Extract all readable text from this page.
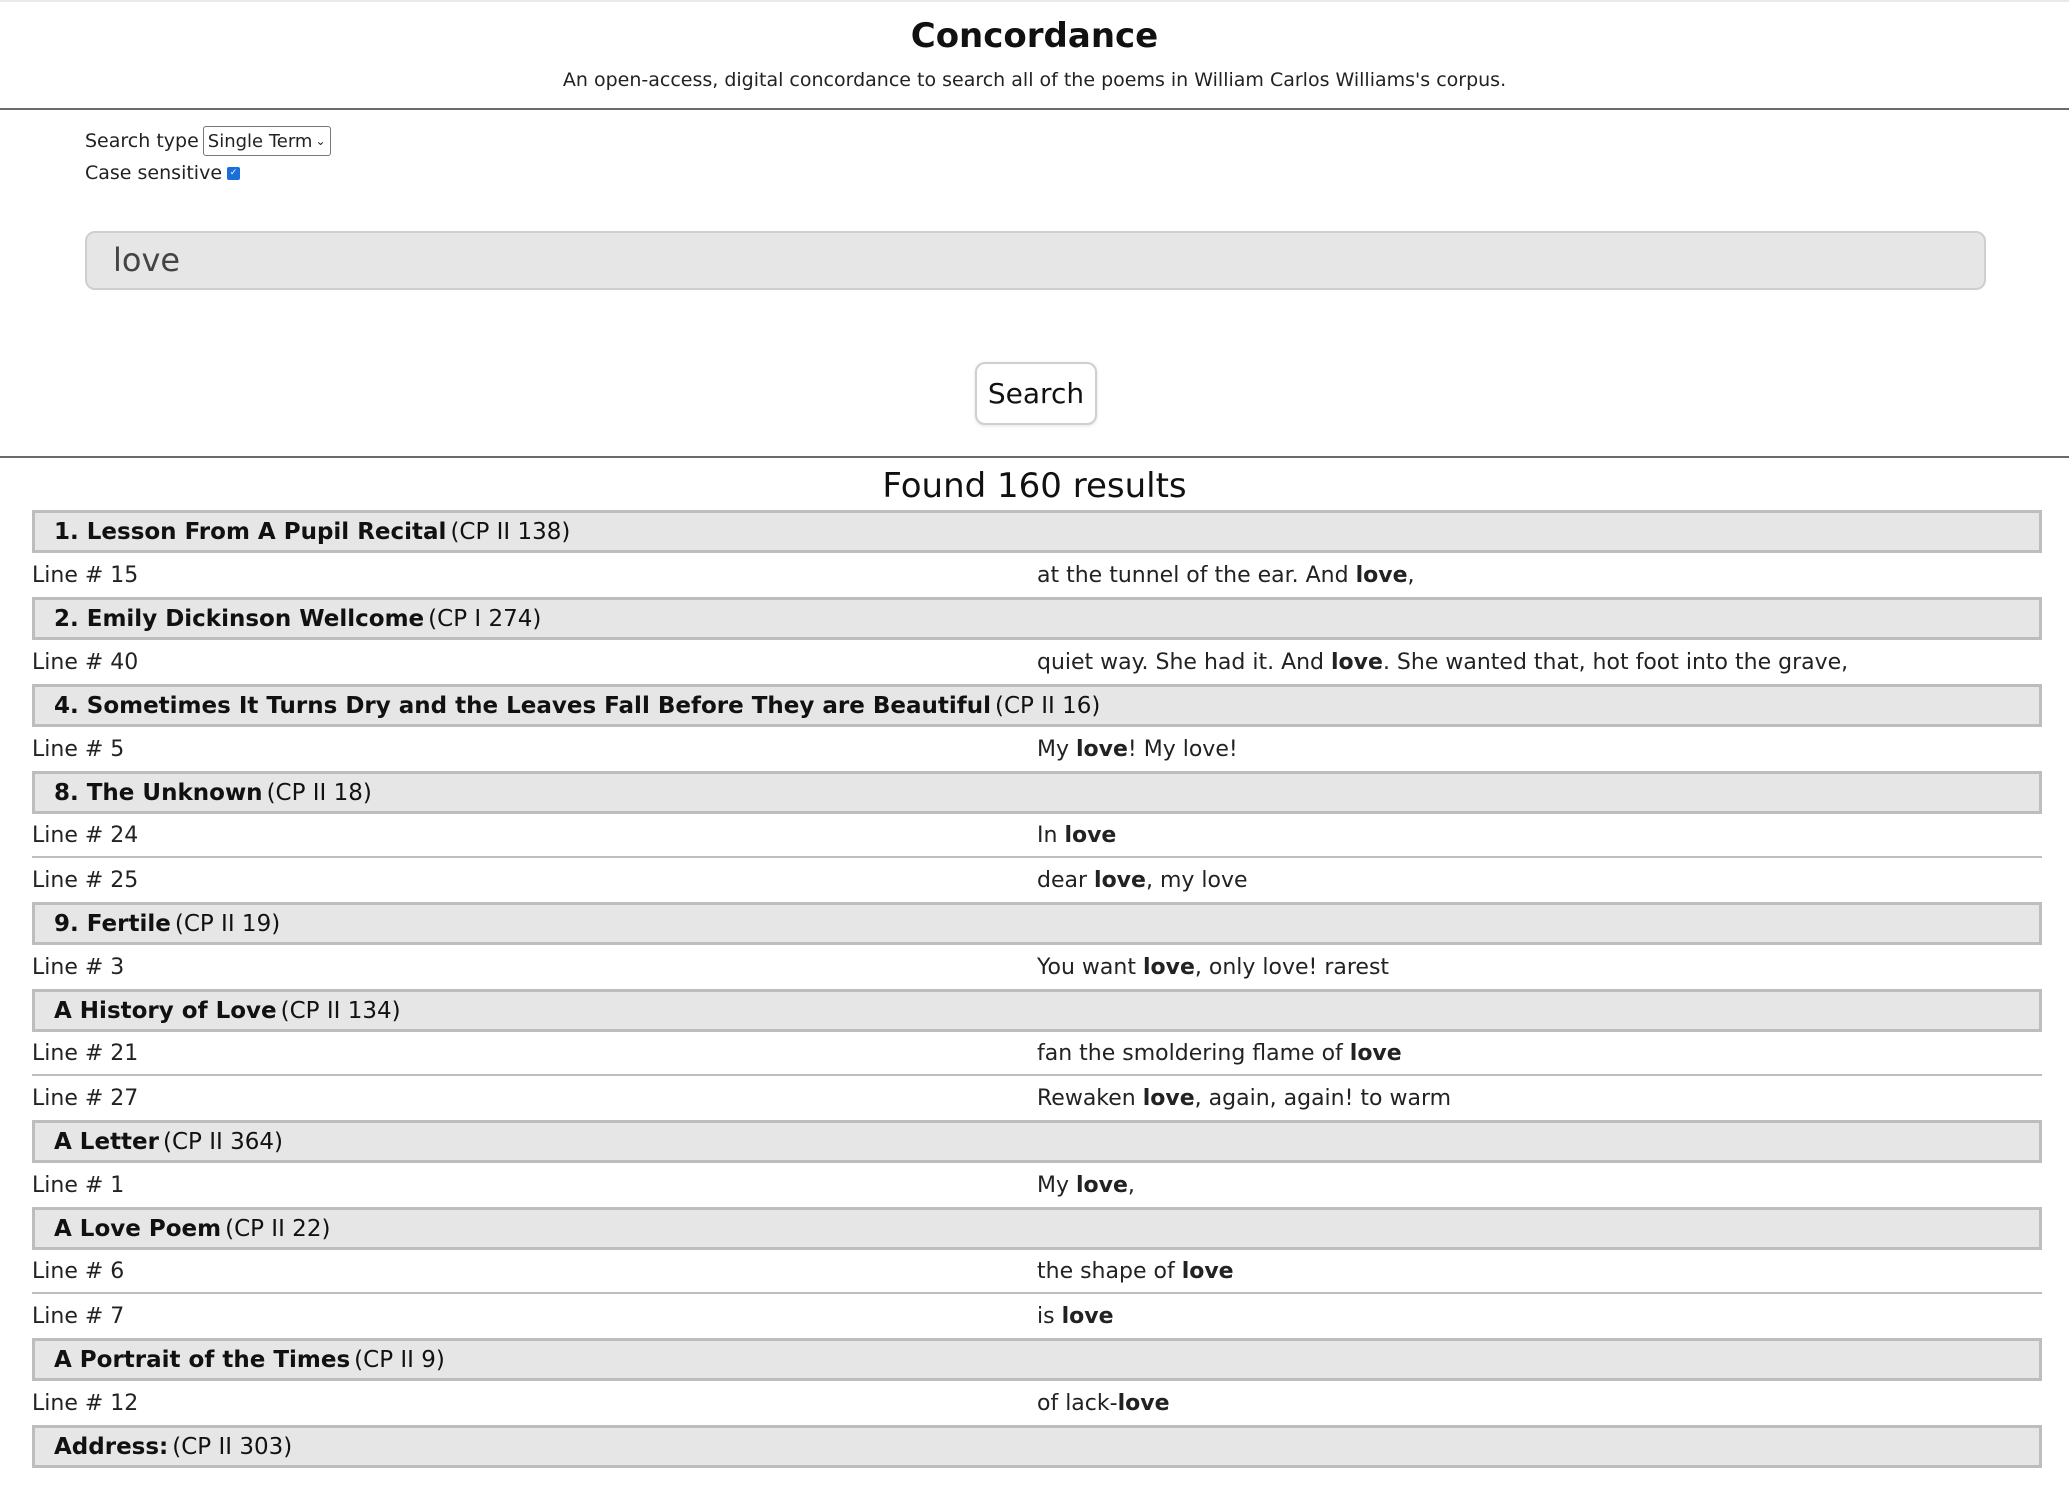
Concordance
An open-access, digital concordance to search all of the poems in William Carlos Williams's corpus.
Search type Single Term ⌄
Case sensitive ✓
love
Search
Found 160 results
1. Lesson From A Pupil Recital (CP II 138)
Line # 15	at the tunnel of the ear. And love,
2. Emily Dickinson Wellcome (CP I 274)
Line # 40	quiet way. She had it. And love. She wanted that, hot foot into the grave,
4. Sometimes It Turns Dry and the Leaves Fall Before They are Beautiful (CP II 16)
Line # 5	My love! My love!
8. The Unknown (CP II 18)
Line # 24	In love
Line # 25	dear love, my love
9. Fertile (CP II 19)
Line # 3	You want love, only love! rarest
A History of Love (CP II 134)
Line # 21	fan the smoldering flame of love
Line # 27	Rewaken love, again, again! to warm
A Letter (CP II 364)
Line # 1	My love,
A Love Poem (CP II 22)
Line # 6	the shape of love
Line # 7	is love
A Portrait of the Times (CP II 9)
Line # 12	of lack-love
Address: (CP II 303)
